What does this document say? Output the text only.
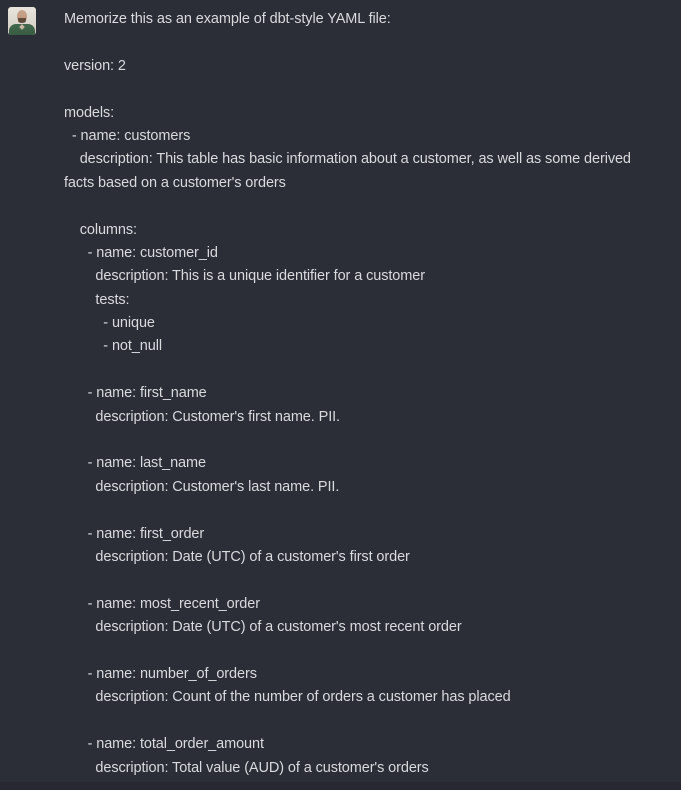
Memorize this as an example of dbt-style YAML file:
version: 2
models:
- name: customers
description: This table has basic information about a customer, as well as some derived
facts based on a customer's orders
columns:
- name: customer_id
description: This is a unique identifier for a customer
tests:
- unique
- not_null
- name: first_name
description: Customer's first name. PII.
- name: last_name
description: Customer's last name. PII.
- name: first_order
description: Date (UTC) of a customer's first order
- name: most_recent_order
description: Date (UTC) of a customer's most recent order
- name: number_of_orders
description: Count of the number of orders a customer has placed
- name: total_order_amount
description: Total value (AUD) of a customer's orders
